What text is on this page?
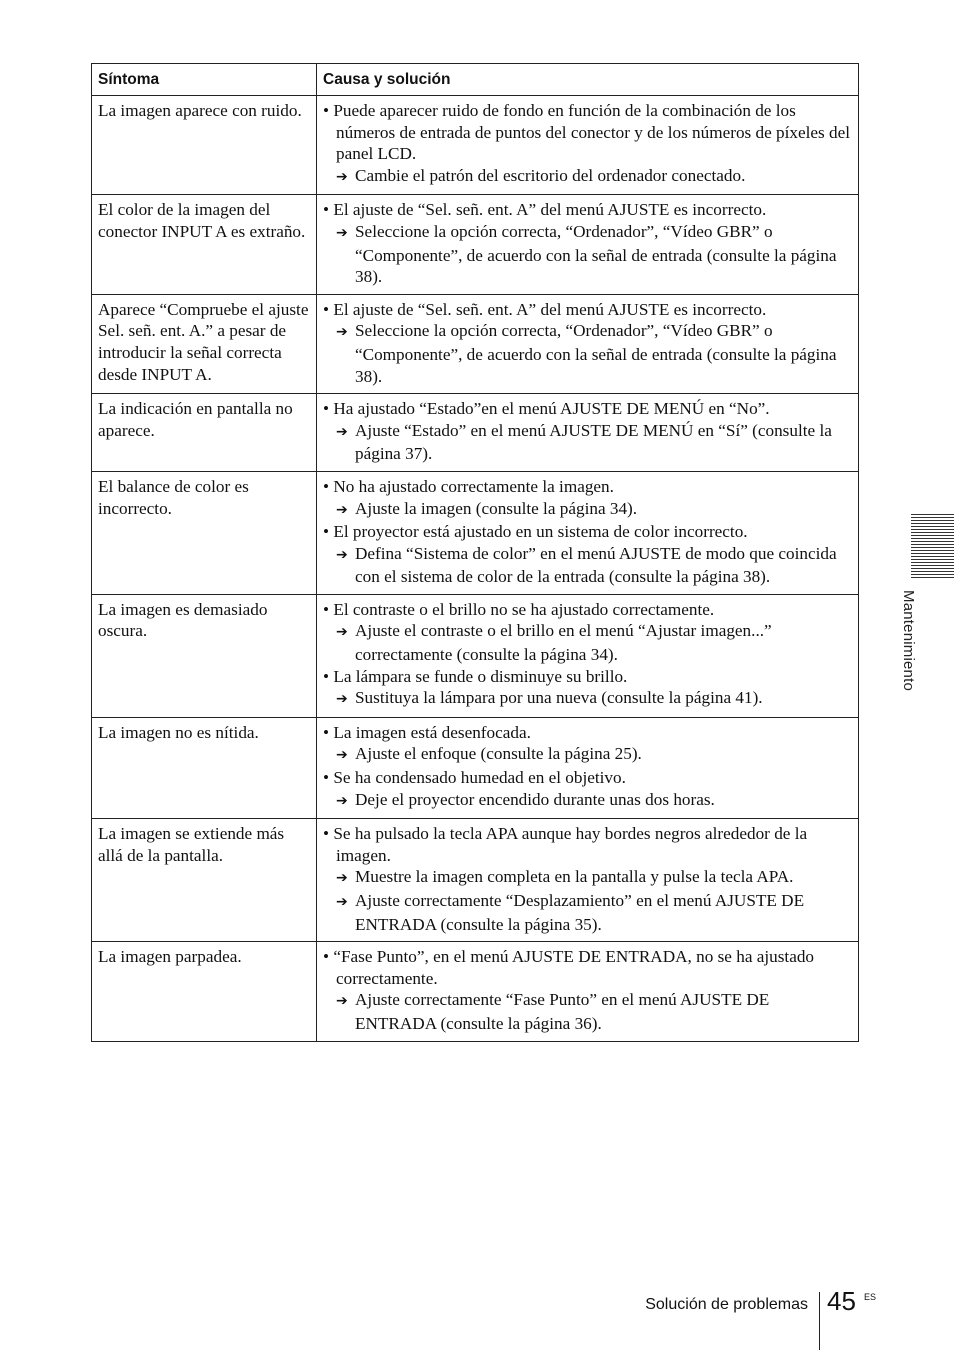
Síntoma	Causa y solución
La imagen aparece con ruido.	• Puede aparecer ruido de fondo en función de la combinación de los números de entrada de puntos del conector y de los números de píxeles del panel LCD.
➔ Cambie el patrón del escritorio del ordenador conectado.

El color de la imagen del conector INPUT A es extraño.	• El ajuste de “Sel. señ. ent. A” del menú AJUSTE es incorrecto.
➔ Seleccione la opción correcta, “Ordenador”, “Vídeo GBR” o “Componente”, de acuerdo con la señal de entrada (consulte la página 38).

Aparece “Compruebe el ajuste Sel. señ. ent. A.” a pesar de introducir la señal correcta desde INPUT A.	• El ajuste de “Sel. señ. ent. A” del menú AJUSTE es incorrecto.
➔ Seleccione la opción correcta, “Ordenador”, “Vídeo GBR” o “Componente”, de acuerdo con la señal de entrada (consulte la página 38).

La indicación en pantalla no aparece.	• Ha ajustado “Estado”en el menú AJUSTE DE MENÚ en “No”.
➔ Ajuste “Estado” en el menú AJUSTE DE MENÚ en “Sí” (consulte la página 37).

El balance de color es incorrecto.	• No ha ajustado correctamente la imagen.
➔ Ajuste la imagen (consulte la página 34).
• El proyector está ajustado en un sistema de color incorrecto.
➔ Defina “Sistema de color” en el menú AJUSTE de modo que coincida con el sistema de color de la entrada (consulte la página 38).

La imagen es demasiado oscura.	• El contraste o el brillo no se ha ajustado correctamente.
➔ Ajuste el contraste o el brillo en el menú “Ajustar imagen...” correctamente (consulte la página 34).
• La lámpara se funde o disminuye su brillo.
➔ Sustituya la lámpara por una nueva (consulte la página 41).

La imagen no es nítida.	• La imagen está desenfocada.
➔ Ajuste el enfoque (consulte la página 25).
• Se ha condensado humedad en el objetivo.
➔ Deje el proyector encendido durante unas dos horas.

La imagen se extiende más allá de la pantalla.	• Se ha pulsado la tecla APA aunque hay bordes negros alrededor de la imagen.
➔ Muestre la imagen completa en la pantalla y pulse la tecla APA.
➔ Ajuste correctamente “Desplazamiento” en el menú AJUSTE DE ENTRADA (consulte la página 35).

La imagen parpadea.	• “Fase Punto”, en el menú AJUSTE DE ENTRADA, no se ha ajustado correctamente.
➔ Ajuste correctamente “Fase Punto” en el menú AJUSTE DE ENTRADA (consulte la página 36).
Mantenimiento
Solución de problemas 45 ES
